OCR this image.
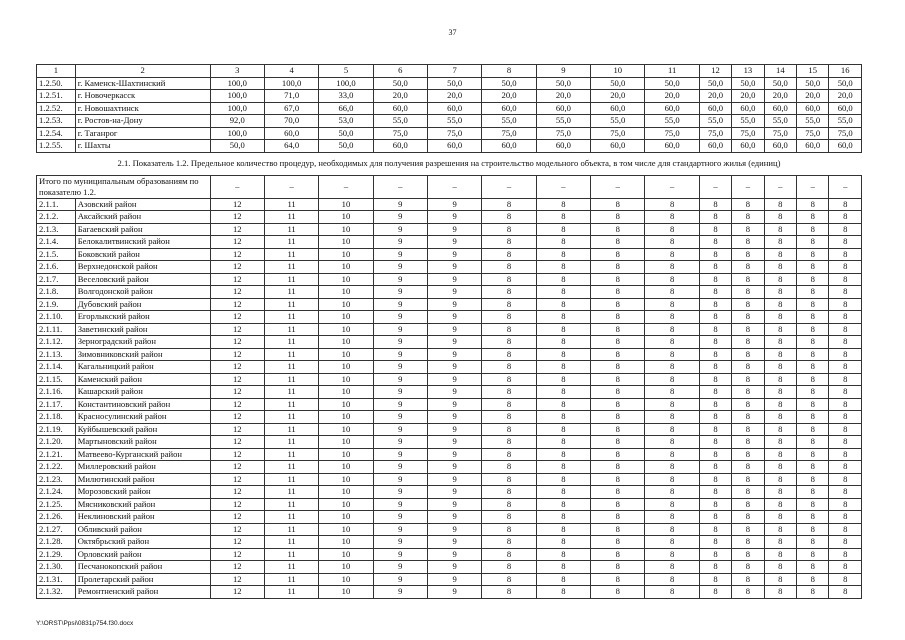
37
1	2	3	4	5	6	7	8	9	10	11	12	13	14	15	16
1.2.50.	г. Каменск-Шахтинский	100,0	100,0	100,0	50,0	50,0	50,0	50,0	50,0	50,0	50,0	50,0	50,0	50,0	50,0
1.2.51.	г. Новочеркасск	100,0	71,0	33,0	20,0	20,0	20,0	20,0	20,0	20,0	20,0	20,0	20,0	20,0	20,0
1.2.52.	г. Новошахтинск	100,0	67,0	66,0	60,0	60,0	60,0	60,0	60,0	60,0	60,0	60,0	60,0	60,0	60,0
1.2.53.	г. Ростов-на-Дону	92,0	70,0	53,0	55,0	55,0	55,0	55,0	55,0	55,0	55,0	55,0	55,0	55,0	55,0
1.2.54.	г. Таганрог	100,0	60,0	50,0	75,0	75,0	75,0	75,0	75,0	75,0	75,0	75,0	75,0	75,0	75,0
1.2.55.	г. Шахты	50,0	64,0	50,0	60,0	60,0	60,0	60,0	60,0	60,0	60,0	60,0	60,0	60,0	60,0
2.1. Показатель 1.2. Предельное количество процедур, необходимых для получения разрешения на строительство модельного объекта, в том числе для стандартного жилья (единиц)															
Итого по муниципальным образованиям по показателю 1.2.		–	–	–	–	–	–	–	–	–	–	–	–	–	–
2.1.1.	Азовский район	12	11	10	9	9	8	8	8	8	8	8	8	8	8
2.1.2.	Аксайский район	12	11	10	9	9	8	8	8	8	8	8	8	8	8
2.1.3.	Багаевский район	12	11	10	9	9	8	8	8	8	8	8	8	8	8
2.1.4.	Белокалитвинский район	12	11	10	9	9	8	8	8	8	8	8	8	8	8
2.1.5.	Боковский район	12	11	10	9	9	8	8	8	8	8	8	8	8	8
2.1.6.	Верхнедонской район	12	11	10	9	9	8	8	8	8	8	8	8	8	8
2.1.7.	Веселовский район	12	11	10	9	9	8	8	8	8	8	8	8	8	8
2.1.8.	Волгодонской район	12	11	10	9	9	8	8	8	8	8	8	8	8	8
2.1.9.	Дубовский район	12	11	10	9	9	8	8	8	8	8	8	8	8	8
2.1.10.	Егорлыкский район	12	11	10	9	9	8	8	8	8	8	8	8	8	8
2.1.11.	Заветинский район	12	11	10	9	9	8	8	8	8	8	8	8	8	8
2.1.12.	Зерноградский район	12	11	10	9	9	8	8	8	8	8	8	8	8	8
2.1.13.	Зимовниковский район	12	11	10	9	9	8	8	8	8	8	8	8	8	8
2.1.14.	Кагальницкий район	12	11	10	9	9	8	8	8	8	8	8	8	8	8
2.1.15.	Каменский район	12	11	10	9	9	8	8	8	8	8	8	8	8	8
2.1.16.	Кашарский район	12	11	10	9	9	8	8	8	8	8	8	8	8	8
2.1.17.	Константиновский район	12	11	10	9	9	8	8	8	8	8	8	8	8	8
2.1.18.	Красносулинский район	12	11	10	9	9	8	8	8	8	8	8	8	8	8
2.1.19.	Куйбышевский район	12	11	10	9	9	8	8	8	8	8	8	8	8	8
2.1.20.	Мартыновский район	12	11	10	9	9	8	8	8	8	8	8	8	8	8
2.1.21.	Матвеево-Курганский район	12	11	10	9	9	8	8	8	8	8	8	8	8	8
2.1.22.	Миллеровский район	12	11	10	9	9	8	8	8	8	8	8	8	8	8
2.1.23.	Милютинский район	12	11	10	9	9	8	8	8	8	8	8	8	8	8
2.1.24.	Морозовский район	12	11	10	9	9	8	8	8	8	8	8	8	8	8
2.1.25.	Мясниковский район	12	11	10	9	9	8	8	8	8	8	8	8	8	8
2.1.26.	Неклиновский район	12	11	10	9	9	8	8	8	8	8	8	8	8	8
2.1.27.	Обливский район	12	11	10	9	9	8	8	8	8	8	8	8	8	8
2.1.28.	Октябрьский район	12	11	10	9	9	8	8	8	8	8	8	8	8	8
2.1.29.	Орловский район	12	11	10	9	9	8	8	8	8	8	8	8	8	8
2.1.30.	Песчанокопский район	12	11	10	9	9	8	8	8	8	8	8	8	8	8
2.1.31.	Пролетарский район	12	11	10	9	9	8	8	8	8	8	8	8	8	8
2.1.32.	Ремонтненский район	12	11	10	9	9	8	8	8	8	8	8	8	8	8
Y:\ORST\Ppsi\0831p754.f30.docx
